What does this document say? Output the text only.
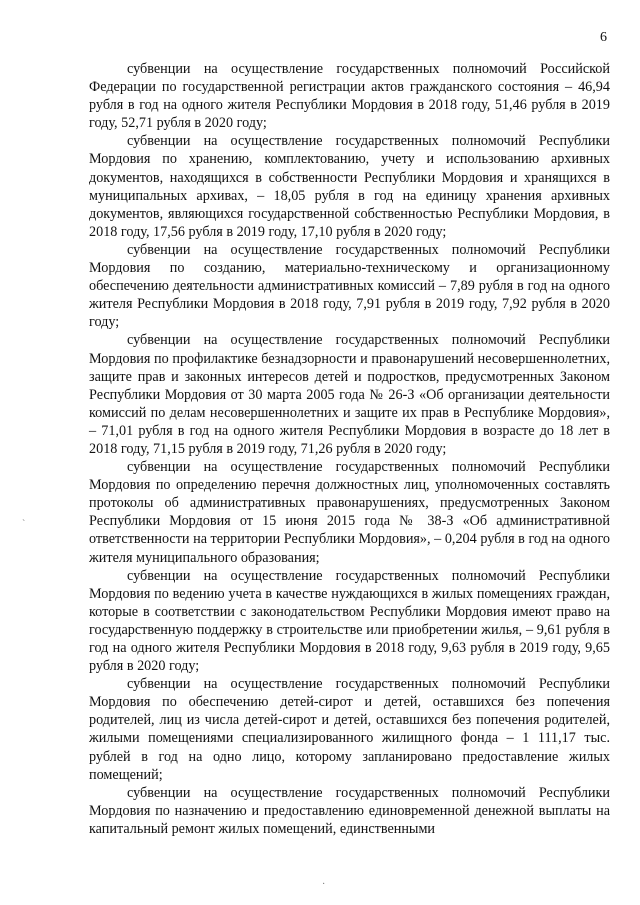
6

субвенции на осуществление государственных полномочий Российской Федерации по государственной регистрации актов гражданского состояния – 46,94 рубля в год на одного жителя Республики Мордовия в 2018 году, 51,46 рубля в 2019 году, 52,71 рубля в 2020 году;

субвенции на осуществление государственных полномочий Республики Мордовия по хранению, комплектованию, учету и использованию архивных документов, находящихся в собственности Республики Мордовия и хранящихся в муниципальных архивах, – 18,05 рубля в год на единицу хранения архивных документов, являющихся государственной собственностью Республики Мордовия, в 2018 году, 17,56 рубля в 2019 году, 17,10 рубля в 2020 году;

субвенции на осуществление государственных полномочий Республики Мордовия по созданию, материально-техническому и организационному обеспечению деятельности административных комиссий – 7,89 рубля в год на одного жителя Республики Мордовия в 2018 году, 7,91 рубля в 2019 году, 7,92 рубля в 2020 году;

субвенции на осуществление государственных полномочий Республики Мордовия по профилактике безнадзорности и правонарушений несовершеннолетних, защите прав и законных интересов детей и подростков, предусмотренных Законом Республики Мордовия от 30 марта 2005 года № 26-З «Об организации деятельности комиссий по делам несовершеннолетних и защите их прав в Республике Мордовия», – 71,01 рубля в год на одного жителя Республики Мордовия в возрасте до 18 лет в 2018 году, 71,15 рубля в 2019 году, 71,26 рубля в 2020 году;

субвенции на осуществление государственных полномочий Республики Мордовия по определению перечня должностных лиц, уполномоченных составлять протоколы об административных правонарушениях, предусмотренных Законом Республики Мордовия от 15 июня 2015 года № 38-З «Об административной ответственности на территории Республики Мордовия», – 0,204 рубля в год на одного жителя муниципального образования;

субвенции на осуществление государственных полномочий Республики Мордовия по ведению учета в качестве нуждающихся в жилых помещениях граждан, которые в соответствии с законодательством Республики Мордовия имеют право на государственную поддержку в строительстве или приобретении жилья, – 9,61 рубля в год на одного жителя Республики Мордовия в 2018 году, 9,63 рубля в 2019 году, 9,65 рубля в 2020 году;

субвенции на осуществление государственных полномочий Республики Мордовия по обеспечению детей-сирот и детей, оставшихся без попечения родителей, лиц из числа детей-сирот и детей, оставшихся без попечения родителей, жилыми помещениями специализированного жилищного фонда – 1 111,17 тыс. рублей в год на одно лицо, которому запланировано предоставление жилых помещений;

субвенции на осуществление государственных полномочий Республики Мордовия по назначению и предоставлению единовременной денежной выплаты на капитальный ремонт жилых помещений, единственными

ˋ
·
